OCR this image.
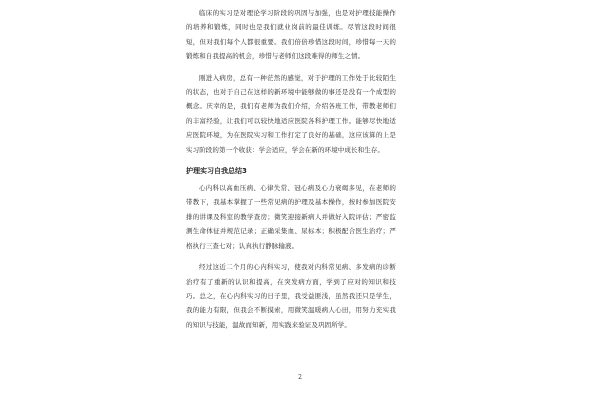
临床的实习是对理论学习阶段的巩固与加强，也是对护理技能操作的培养和锻炼，同时也是我们就业岗前的最佳训练。尽管这段时间很短，但对我们每个人都很重要。我们倍倍珍惜这段时间，珍惜每一天的锻炼和自我提高的机会，珍惜与老师们这段难得的师生之情。

刚进入病房，总有一种茫然的感觉，对于护理的工作处于比较陌生的状态，也对于自己在这样的新环境中能够做的事还是没有一个成型的概念。庆幸的是，我们有老师为我们介绍，介绍各班工作，带教老师们的丰富经验，让我们可以较快地适应医院各科护理工作。能够尽快地适应医院环境，为在医院实习和工作打定了良好的基础，这应该算的上是实习阶段的第一个收获：学会适应，学会在新的环境中成长和生存。

护理实习自我总结3

心内科以高血压病、心律失常、冠心病及心力衰竭多见，在老师的带教下，我基本掌握了一些常见病的护理及基本操作，按时参加医院安排的讲课及科室的教学查房；微笑迎接新病人并做好入院评估；严密监测生命体征并规范记录；正确采集血、尿标本；积极配合医生治疗；严格执行三查七对；认真执行静脉输液。

经过这近二个月的心内科实习，使我对内科常见病、多发病的诊断治疗有了重新的认识和提高，在突发病方面，学到了应对的知识和技巧。总之，在心内科实习的日子里，我受益匪浅，虽然我还只是学生，我的能力有限，但我会不断摸索，用微笑温暖病人心田，用努力充实我的知识与技能，温故而知新，用实践来验证及巩固所学。

2
